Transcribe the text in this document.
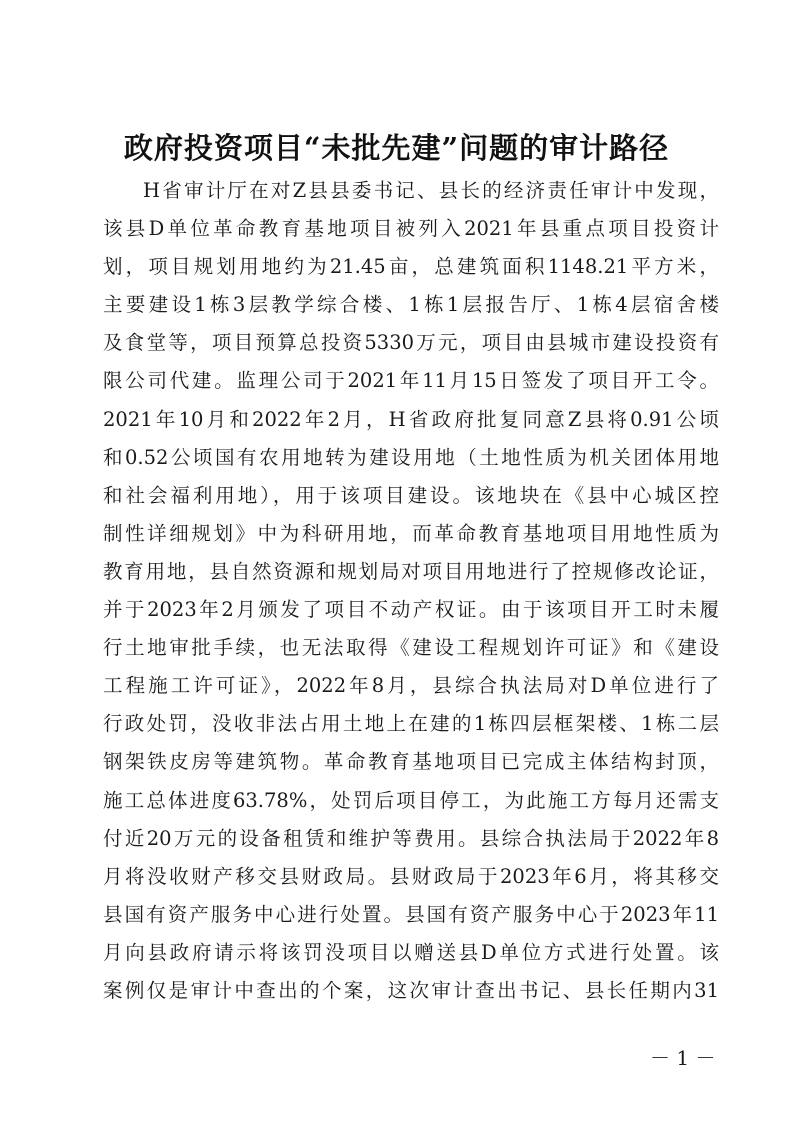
政府投资项目“未批先建”问题的审计路径
H省审计厅在对Z县县委书记、县长的经济责任审计中发现，
该县D单位革命教育基地项目被列入2021年县重点项目投资计
划，项目规划用地约为21.45亩，总建筑面积1148.21平方米，
主要建设1栋3层教学综合楼、1栋1层报告厅、1栋4层宿舍楼
及食堂等，项目预算总投资5330万元，项目由县城市建设投资有
限公司代建。监理公司于2021年11月15日签发了项目开工令。
2021年10月和2022年2月，H省政府批复同意Z县将0.91公顷
和0.52公顷国有农用地转为建设用地（土地性质为机关团体用地
和社会福利用地），用于该项目建设。该地块在《县中心城区控
制性详细规划》中为科研用地，而革命教育基地项目用地性质为
教育用地，县自然资源和规划局对项目用地进行了控规修改论证，
并于2023年2月颁发了项目不动产权证。由于该项目开工时未履
行土地审批手续，也无法取得《建设工程规划许可证》和《建设
工程施工许可证》，2022年8月，县综合执法局对D单位进行了
行政处罚，没收非法占用土地上在建的1栋四层框架楼、1栋二层
钢架铁皮房等建筑物。革命教育基地项目已完成主体结构封顶，
施工总体进度63.78%，处罚后项目停工，为此施工方每月还需支
付近20万元的设备租赁和维护等费用。县综合执法局于2022年8
月将没收财产移交县财政局。县财政局于2023年6月，将其移交
县国有资产服务中心进行处置。县国有资产服务中心于2023年11
月向县政府请示将该罚没项目以赠送县D单位方式进行处置。该
案例仅是审计中查出的个案，这次审计查出书记、县长任期内31
－ 1 －
